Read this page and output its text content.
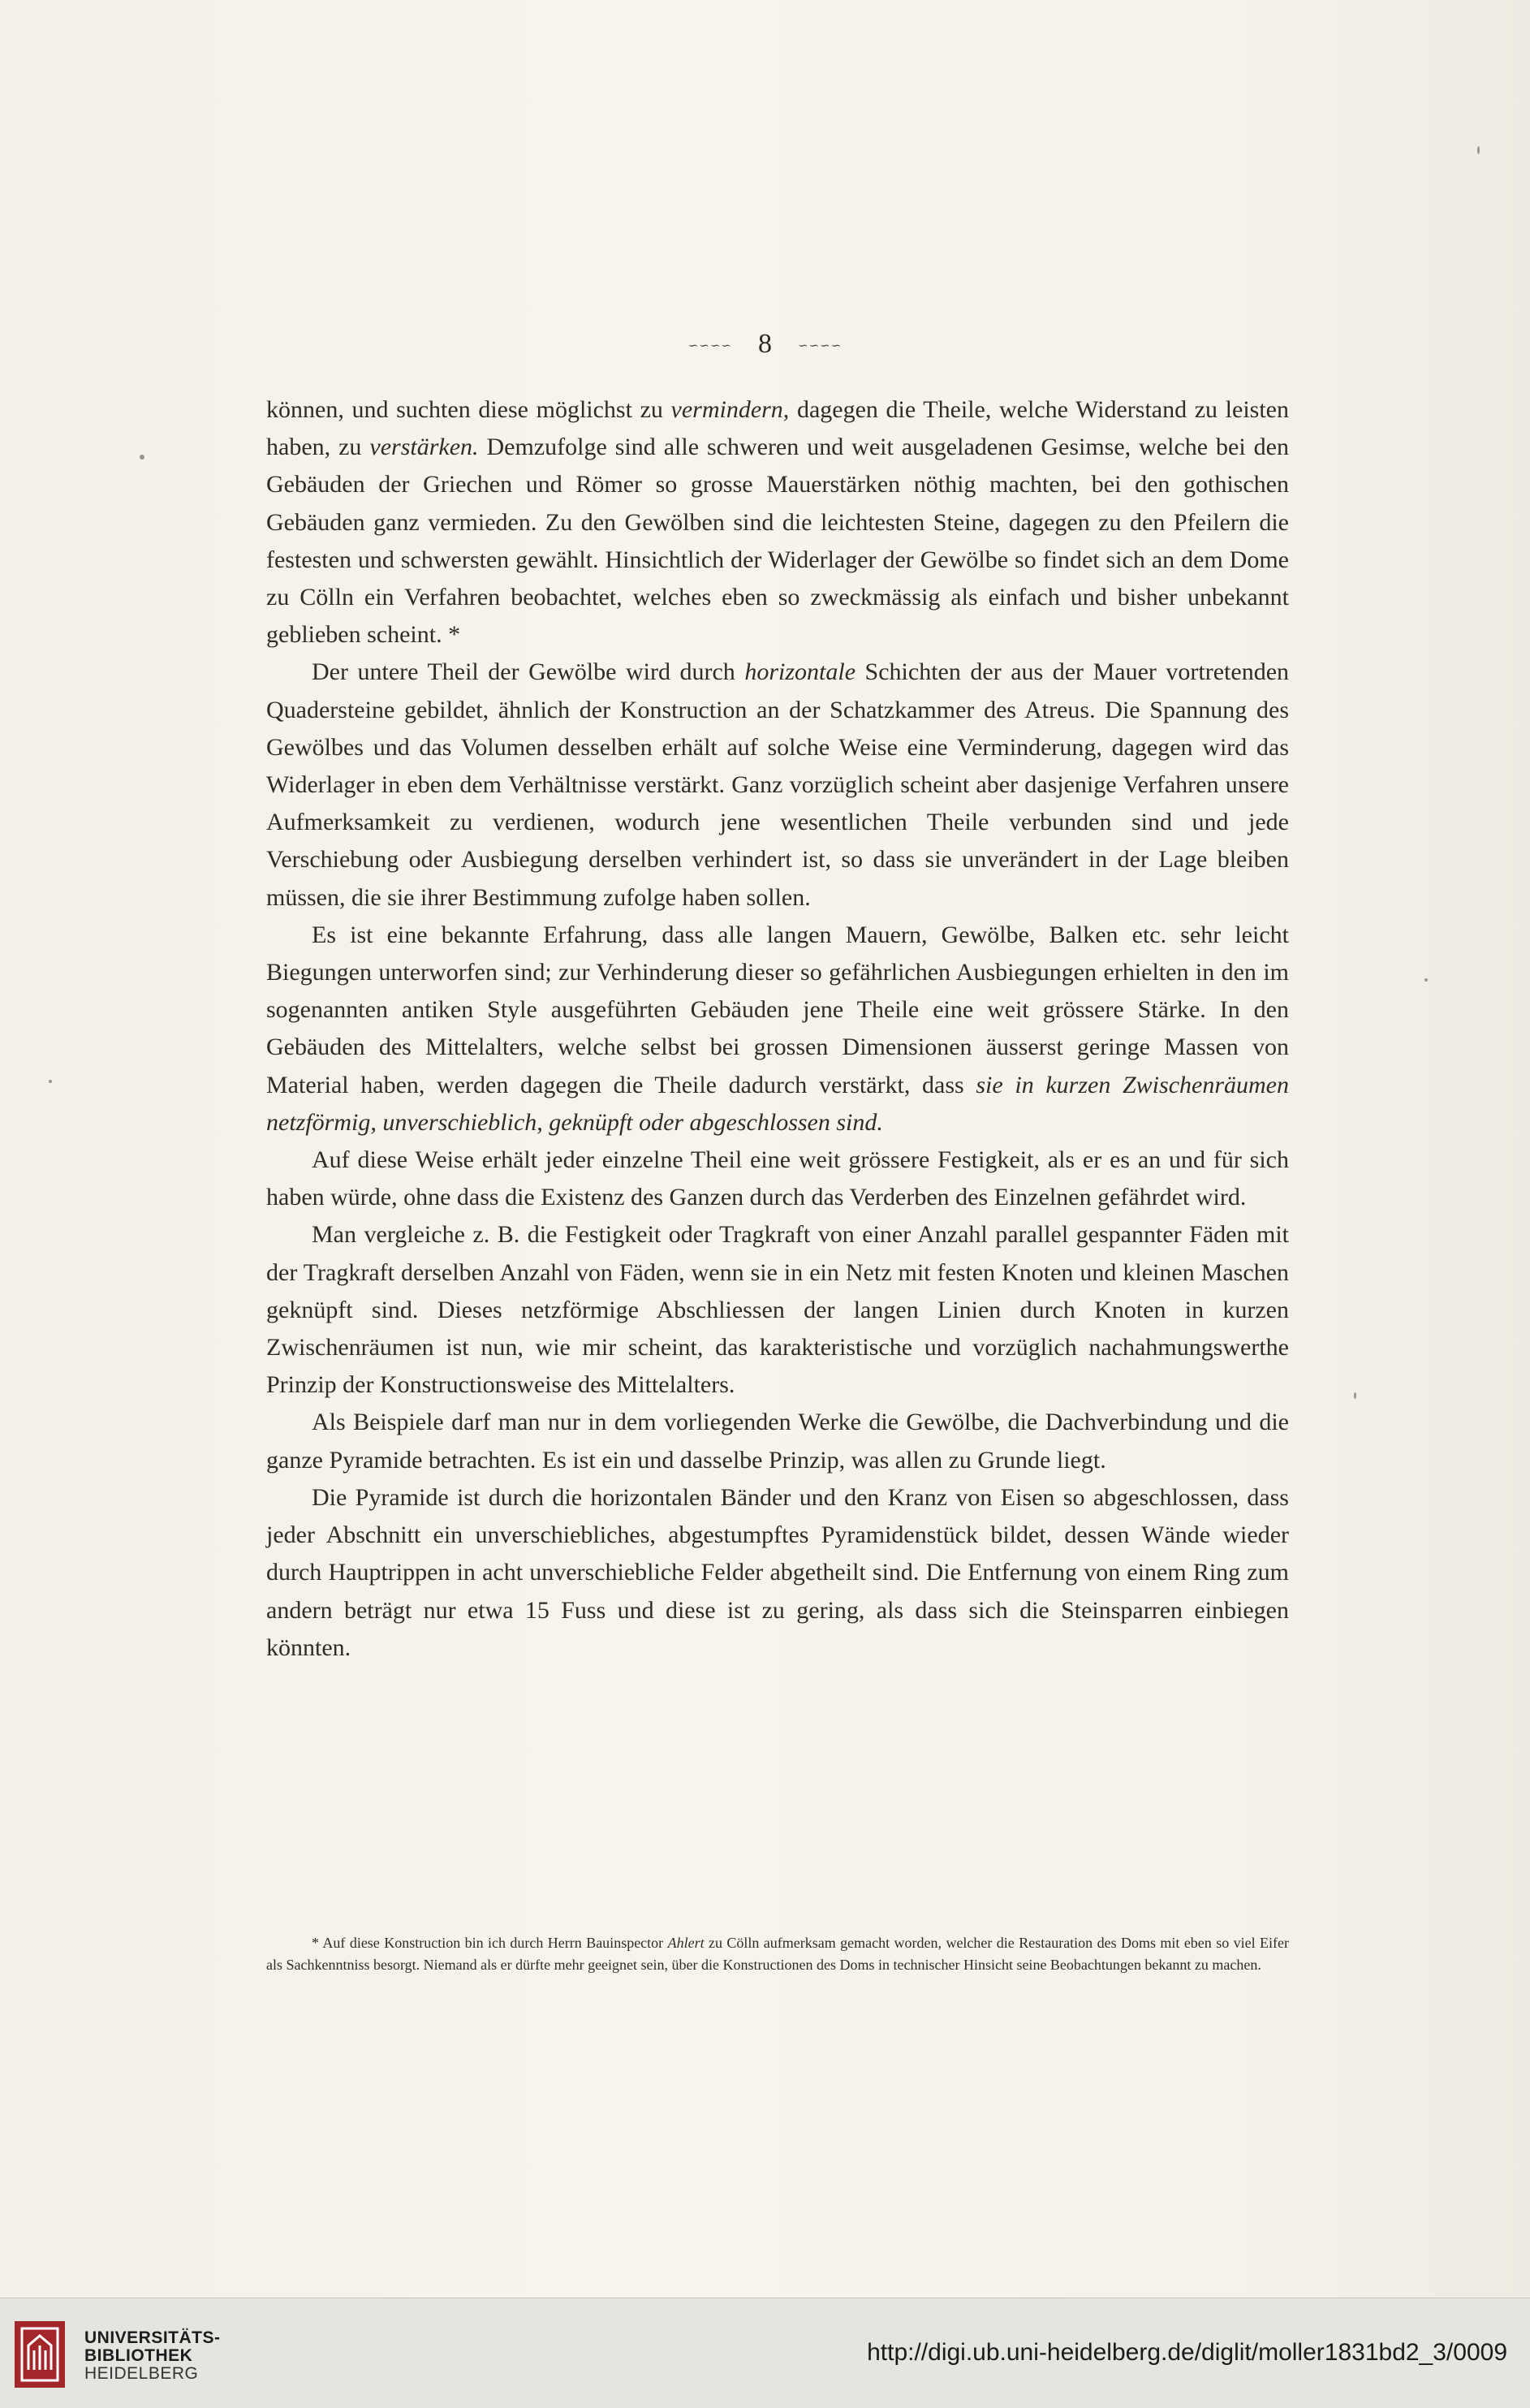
∽∽∽∽ 8 ∽∽∽∽

können, und suchten diese möglichst zu vermindern, dagegen die Theile, welche Widerstand zu leisten haben, zu verstärken. Demzufolge sind alle schweren und weit ausgeladenen Gesimse, welche bei den Gebäuden der Griechen und Römer so grosse Mauerstärken nöthig machten, bei den gothischen Gebäuden ganz vermieden. Zu den Gewölben sind die leichtesten Steine, dagegen zu den Pfeilern die festesten und schwersten gewählt. Hinsichtlich der Widerlager der Gewölbe so findet sich an dem Dome zu Cölln ein Verfahren beobachtet, welches eben so zweckmässig als einfach und bisher unbekannt geblieben scheint. *

Der untere Theil der Gewölbe wird durch horizontale Schichten der aus der Mauer vortretenden Quadersteine gebildet, ähnlich der Konstruction an der Schatzkammer des Atreus. Die Spannung des Gewölbes und das Volumen desselben erhält auf solche Weise eine Verminderung, dagegen wird das Widerlager in eben dem Verhältnisse verstärkt. Ganz vorzüglich scheint aber dasjenige Verfahren unsere Aufmerksamkeit zu verdienen, wodurch jene wesentlichen Theile verbunden sind und jede Verschiebung oder Ausbiegung derselben verhindert ist, so dass sie unverändert in der Lage bleiben müssen, die sie ihrer Bestimmung zufolge haben sollen.

Es ist eine bekannte Erfahrung, dass alle langen Mauern, Gewölbe, Balken etc. sehr leicht Biegungen unterworfen sind; zur Verhinderung dieser so gefährlichen Ausbiegungen erhielten in den im sogenannten antiken Style ausgeführten Gebäuden jene Theile eine weit grössere Stärke. In den Gebäuden des Mittelalters, welche selbst bei grossen Dimensionen äusserst geringe Massen von Material haben, werden dagegen die Theile dadurch verstärkt, dass sie in kurzen Zwischenräumen netzförmig, unverschieblich, geknüpft oder abgeschlossen sind.

Auf diese Weise erhält jeder einzelne Theil eine weit grössere Festigkeit, als er es an und für sich haben würde, ohne dass die Existenz des Ganzen durch das Verderben des Einzelnen gefährdet wird.

Man vergleiche z. B. die Festigkeit oder Tragkraft von einer Anzahl parallel gespannter Fäden mit der Tragkraft derselben Anzahl von Fäden, wenn sie in ein Netz mit festen Knoten und kleinen Maschen geknüpft sind. Dieses netzförmige Abschliessen der langen Linien durch Knoten in kurzen Zwischenräumen ist nun, wie mir scheint, das karakteristische und vorzüglich nachahmungswerthe Prinzip der Konstructionsweise des Mittelalters.

Als Beispiele darf man nur in dem vorliegenden Werke die Gewölbe, die Dachverbindung und die ganze Pyramide betrachten. Es ist ein und dasselbe Prinzip, was allen zu Grunde liegt.

Die Pyramide ist durch die horizontalen Bänder und den Kranz von Eisen so abgeschlossen, dass jeder Abschnitt ein unverschiebliches, abgestumpftes Pyramidenstück bildet, dessen Wände wieder durch Hauptrippen in acht unverschiebliche Felder abgetheilt sind. Die Entfernung von einem Ring zum andern beträgt nur etwa 15 Fuss und diese ist zu gering, als dass sich die Steinsparren einbiegen könnten.

* Auf diese Konstruction bin ich durch Herrn Bauinspector Ahlert zu Cölln aufmerksam gemacht worden, welcher die Restauration des Doms mit eben so viel Eifer als Sachkenntniss besorgt. Niemand als er dürfte mehr geeignet sein, über die Konstructionen des Doms in technischer Hinsicht seine Beobachtungen bekannt zu machen.

UNIVERSITÄTS-
BIBLIOTHEK
HEIDELBERG
http://digi.ub.uni-heidelberg.de/diglit/moller1831bd2_3/0009
